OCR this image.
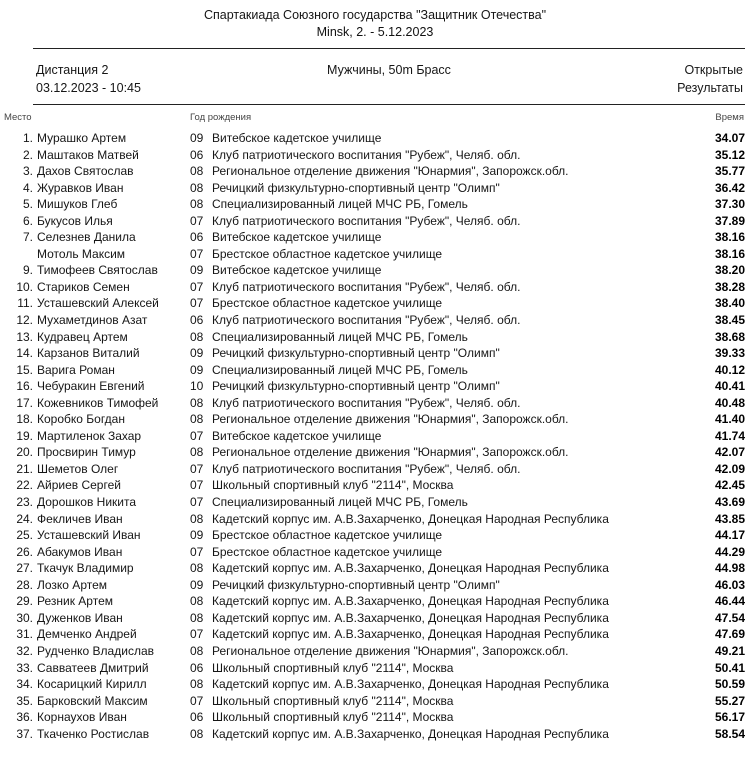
Спартакиада Союзного государства "Защитник Отечества"
Minsk, 2. - 5.12.2023
Дистанция 2
03.12.2023 - 10:45
Мужчины, 50m Брасс	Открытые
Результаты
Место	Год рождения	Время
1. Мурашко Артем	09 Витебское кадетское училище	34.07
2. Маштаков Матвей	06 Клуб патриотического воспитания "Рубеж", Челяб. обл.	35.12
3. Дахов Святослав	08 Региональное отделение движения "Юнармия", Запорожск.обл.	35.77
4. Журавков Иван	08 Речицкий физкультурно-спортивный центр "Олимп"	36.42
5. Мишуков Глеб	08 Специализированный лицей МЧС РБ, Гомель	37.30
6. Букусов Илья	07 Клуб патриотического воспитания "Рубеж", Челяб. обл.	37.89
7. Селезнев Данила	06 Витебское кадетское училище	38.16
Мотоль Максим	07 Брестское областное кадетское училище	38.16
9. Тимофеев Святослав	09 Витебское кадетское училище	38.20
10. Стариков Семен	07 Клуб патриотического воспитания "Рубеж", Челяб. обл.	38.28
11. Усташевский Алексей	07 Брестское областное кадетское училище	38.40
12. Мухаметдинов Азат	06 Клуб патриотического воспитания "Рубеж", Челяб. обл.	38.45
13. Кудравец Артем	08 Специализированный лицей МЧС РБ, Гомель	38.68
14. Карзанов Виталий	09 Речицкий физкультурно-спортивный центр "Олимп"	39.33
15. Варига Роман	09 Специализированный лицей МЧС РБ, Гомель	40.12
16. Чебуракин Евгений	10 Речицкий физкультурно-спортивный центр "Олимп"	40.41
17. Кожевников Тимофей	08 Клуб патриотического воспитания "Рубеж", Челяб. обл.	40.48
18. Коробко Богдан	08 Региональное отделение движения "Юнармия", Запорожск.обл.	41.40
19. Мартиленок Захар	07 Витебское кадетское училище	41.74
20. Просвирин Тимур	08 Региональное отделение движения "Юнармия", Запорожск.обл.	42.07
21. Шеметов Олег	07 Клуб патриотического воспитания "Рубеж", Челяб. обл.	42.09
22. Айриев Сергей	07 Школьный спортивный клуб "2114", Москва	42.45
23. Дорошков Никита	07 Специализированный лицей МЧС РБ, Гомель	43.69
24. Фекличев Иван	08 Кадетский корпус им. А.В.Захарченко, Донецкая Народная Республика	43.85
25. Усташевский Иван	09 Брестское областное кадетское училище	44.17
26. Абакумов Иван	07 Брестское областное кадетское училище	44.29
27. Ткачук Владимир	08 Кадетский корпус им. А.В.Захарченко, Донецкая Народная Республика	44.98
28. Лозко Артем	09 Речицкий физкультурно-спортивный центр "Олимп"	46.03
29. Резник Артем	08 Кадетский корпус им. А.В.Захарченко, Донецкая Народная Республика	46.44
30. Дуженков Иван	08 Кадетский корпус им. А.В.Захарченко, Донецкая Народная Республика	47.54
31. Демченко Андрей	07 Кадетский корпус им. А.В.Захарченко, Донецкая Народная Республика	47.69
32. Рудченко Владислав	08 Региональное отделение движения "Юнармия", Запорожск.обл.	49.21
33. Савватеев Дмитрий	06 Школьный спортивный клуб "2114", Москва	50.41
34. Косарицкий Кирилл	08 Кадетский корпус им. А.В.Захарченко, Донецкая Народная Республика	50.59
35. Барковский Максим	07 Школьный спортивный клуб "2114", Москва	55.27
36. Корнаухов Иван	06 Школьный спортивный клуб "2114", Москва	56.17
37. Ткаченко Ростислав	08 Кадетский корпус им. А.В.Захарченко, Донецкая Народная Республика	58.54
